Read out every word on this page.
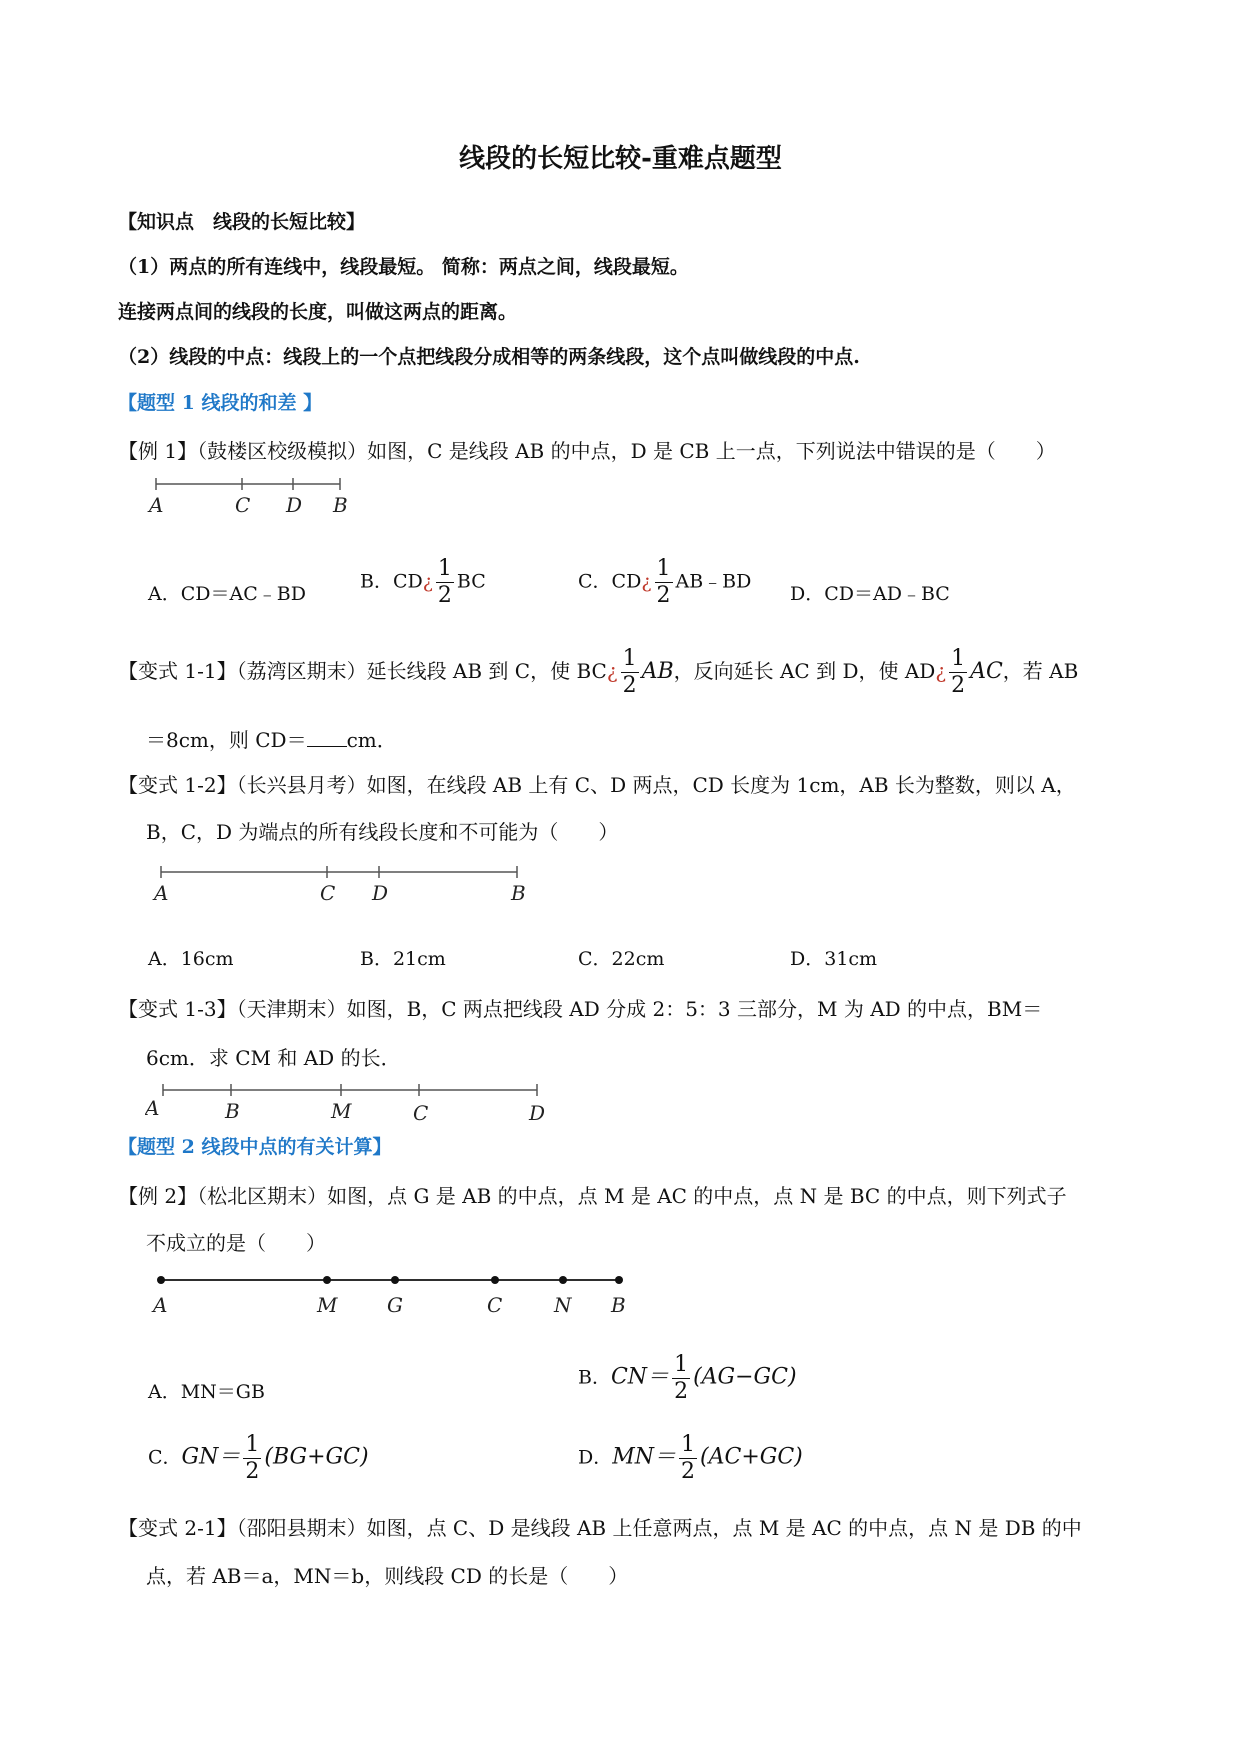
线段的长短比较-重难点题型
【知识点　线段的长短比较】
（1）两点的所有连线中，线段最短。 简称：两点之间，线段最短。
连接两点间的线段的长度，叫做这两点的距离。
（2）线段的中点：线段上的一个点把线段分成相等的两条线段，这个点叫做线段的中点.
【题型 1 线段的和差 】
【例 1】（鼓楼区校级模拟）如图，C 是线段 AB 的中点，D 是 CB 上一点，下列说法中错误的是（　　）
A	C D B
A．CD＝AC﹣BD
B．CD¿ $\frac{1}{2}$ BC	C．CD¿ $\frac{1}{2}$ AB﹣BD
D．CD＝AD﹣BC
【变式 1-1】（荔湾区期末）延长线段 AB 到 C，使 BC¿ $\frac{1}{2}$ AB，反向延长 AC 到 D，使 AD¿ $\frac{1}{2}$ AC，若 AB
＝8cm，则 CD＝ cm．
【变式 1-2】（长兴县月考）如图，在线段 AB 上有 C、D 两点，CD 长度为 1cm，AB 长为整数，则以 A，
B，C，D 为端点的所有线段长度和不可能为（　　）
A	C D	B
A．16cm	B．21cm	C．22cm	D．31cm
【变式 1-3】（天津期末）如图，B，C 两点把线段 AD 分成 2：5：3 三部分，M 为 AD 的中点，BM＝
6cm．求 CM 和 AD 的长．
A	B	M	C	D
【题型 2 线段中点的有关计算】
【例 2】（松北区期末）如图，点 G 是 AB 的中点，点 M 是 AC 的中点，点 N 是 BC 的中点，则下列式子
不成立的是（　　）
A	M G	C	N B
A．MN＝GB
B．$CN= \frac{1}{2} (AG-GC)$
C．$GN= \frac{1}{2} (BG+GC)$	D．$MN= \frac{1}{2} (AC+GC)$
【变式 2-1】（邵阳县期末）如图，点 C、D 是线段 AB 上任意两点，点 M 是 AC 的中点，点 N 是 DB 的中
点，若 AB＝a，MN＝b，则线段 CD 的长是（　　）
